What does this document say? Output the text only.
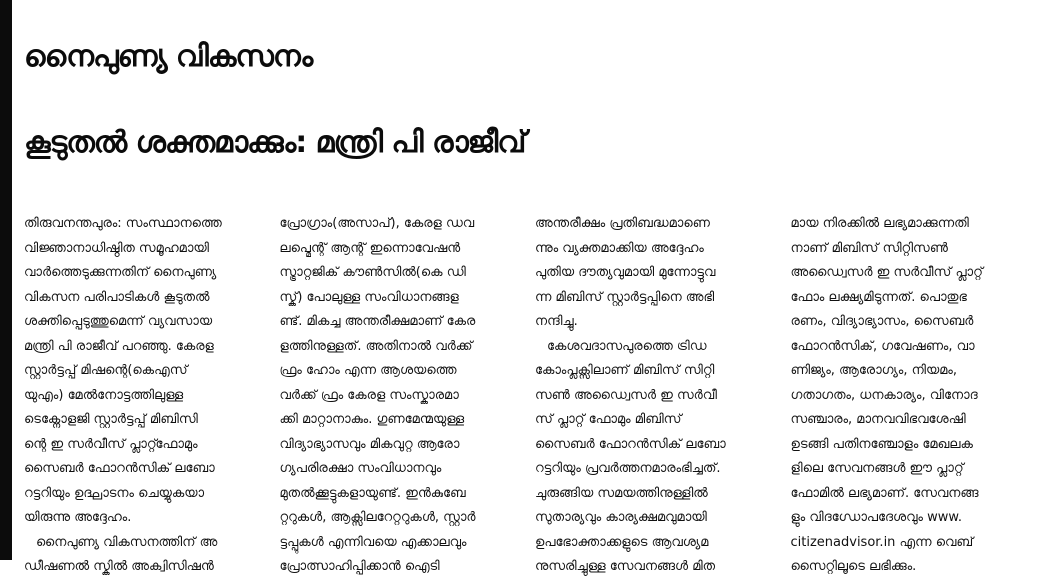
നൈപുണ്യ വികസനം
കൂടുതൽ ശക്തമാക്കും: മന്ത്രി പി രാജീവ്
തിരുവനന്തപുരം: സംസ്ഥാനത്തെ
വിജ്ഞാനാധിഷ്ഠിത സമൂഹമായി
വാർത്തെടുക്കുന്നതിന് നൈപുണ്യ
വികസന പരിപാടികൾ കൂടുതൽ
ശക്തിപ്പെടുത്തുമെന്ന് വ്യവസായ
മന്ത്രി പി രാജീവ് പറഞ്ഞു. കേരള
സ്റ്റാർട്ടപ്പ് മിഷന്റെ(കെഎസ്
യുഎം) മേൽനോട്ടത്തിലുള്ള
ടെക്നോളജി സ്റ്റാർട്ടപ്പ് മിബിസി
ന്റെ ഇ സർവീസ് പ്ലാറ്റ്ഫോമും
സൈബർ ഫോറൻസിക് ലബോ
റട്ടറിയും ഉദ്ഘാടനം ചെയ്യുകയാ
യിരുന്നു അദ്ദേഹം.
നൈപുണ്യ വികസനത്തിന് അ
ഡീഷണൽ സ്കിൽ അക്വിസിഷൻ
പ്രോഗ്രാം(അസാപ്), കേരള ഡവ
ലപ്മെന്റ് ആന്റ് ഇന്നൊവേഷൻ
സ്ട്രാറ്റജിക് കൗൺസിൽ(കെ ഡി
സ്ക്) പോലുള്ള സംവിധാനങ്ങള
ണ്ട്. മികച്ച അന്തരീക്ഷമാണ് കേര
ളത്തിനുള്ളത്. അതിനാൽ വർക്ക്
ഫ്രം ഹോം എന്ന ആശയത്തെ
വർക്ക് ഫ്രം കേരള സംസ്കാരമാ
ക്കി മാറ്റാനാകും. ഗുണമേന്മയുള്ള
വിദ്യാഭ്യാസവും മികവുറ്റ ആരോ
ഗ്യപരിരക്ഷാ സംവിധാനവും
മുതൽക്കൂട്ടുകളായുണ്ട്. ഇൻകുബേ
റ്ററുകൾ, ആക്സിലറേറ്ററുകൾ, സ്റ്റാർ
ട്ടപ്പുകൾ എന്നിവയെ എക്കാലവും
പ്രോത്സാഹിപ്പിക്കാൻ ഐടി
അന്തരീക്ഷം പ്രതിബദ്ധമാണെ
ന്നും വ്യക്തമാക്കിയ അദ്ദേഹം
പുതിയ ദൗത്യവുമായി മുന്നോട്ടുവ
ന്ന മിബിസ് സ്റ്റാർട്ടപ്പിനെ അഭി
നന്ദിച്ചു.
കേശവദാസപുരത്തെ ട്രിഡ
കോംപ്ലക്സിലാണ് മിബിസ് സിറ്റി
സൺ അഡ്വൈസർ ഇ സർവീ
സ് പ്ലാറ്റ് ഫോമും മിബിസ്
സൈബർ ഫോറൻസിക് ലബോ
റട്ടറിയും പ്രവർത്തനമാരംഭിച്ചത്.
ചുരുങ്ങിയ സമയത്തിനുള്ളിൽ
സുതാര്യവും കാര്യക്ഷമവുമായി
ഉപഭോക്താക്കളുടെ ആവശ്യമ
നുസരിച്ചുള്ള സേവനങ്ങൾ മിത
മായ നിരക്കിൽ ലഭ്യമാക്കുന്നതി
നാണ് മിബിസ് സിറ്റിസൺ
അഡ്വൈസർ ഇ സർവീസ് പ്ലാറ്റ്
ഫോം ലക്ഷ്യമിടുന്നത്. പൊതുഭ
രണം, വിദ്യാഭ്യാസം, സൈബർ
ഫോറൻസിക്, ഗവേഷണം, വാ
ണിജ്യം, ആരോഗ്യം, നിയമം,
ഗതാഗതം, ധനകാര്യം, വിനോദ
സഞ്ചാരം, മാനവവിഭവശേഷി
ഉടങ്ങി പതിനഞ്ചോളം മേഖലക
ളിലെ സേവനങ്ങൾ ഈ പ്ലാറ്റ്
ഫോമിൽ ലഭ്യമാണ്. സേവനങ്ങ
ളും വിദഗ്ധോപദേശവും www.
citizenadvisor.in എന്ന വെബ്
സൈറ്റിലൂടെ ലഭിക്കും.
